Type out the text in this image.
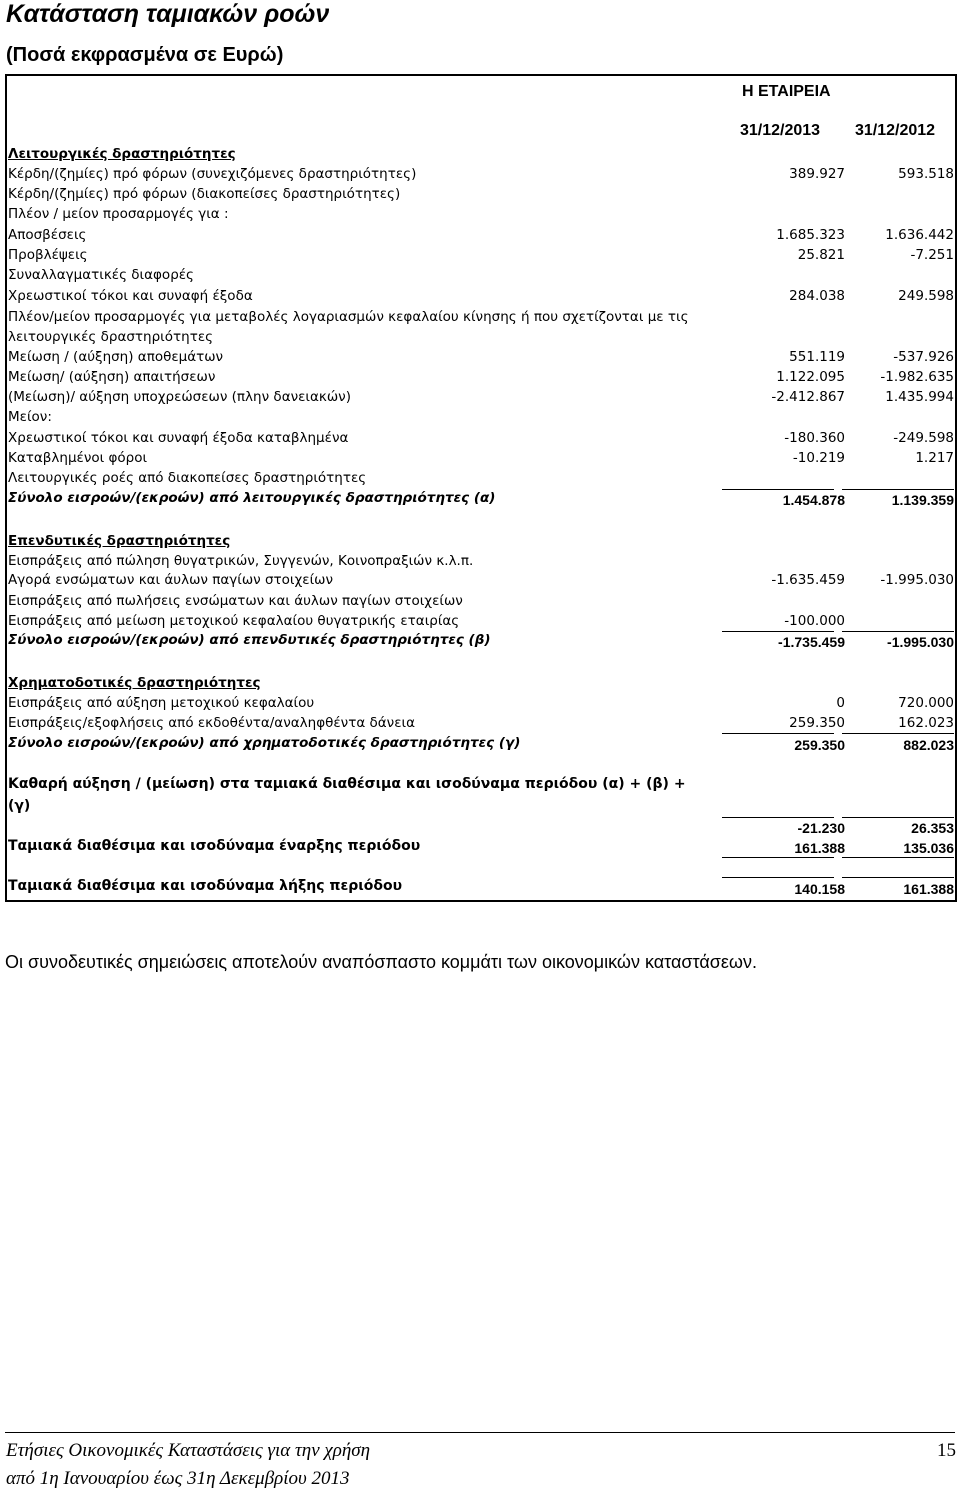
Κατάσταση ταμιακών ροών
(Ποσά εκφρασμένα σε Ευρώ)
Η ΕΤΑΙΡΕΙΑ
31/12/2013 31/12/2012
Λειτουργικές δραστηριότητες
Κέρδη/(ζημίες) πρό φόρων (συνεχιζόμενες δραστηριότητες)	389.927	593.518
Κέρδη/(ζημίες) πρό φόρων (διακοπείσες δραστηριότητες)
Πλέον / μείον προσαρμογές για :
Αποσβέσεις	1.685.323	1.636.442
Προβλέψεις	25.821	-7.251
Συναλλαγματικές διαφορές
Χρεωστικοί τόκοι και συναφή έξοδα	284.038	249.598
Πλέον/μείον προσαρμογές για μεταβολές λογαριασμών κεφαλαίου κίνησης ή που σχετίζονται με τις
λειτουργικές δραστηριότητες
Μείωση / (αύξηση) αποθεμάτων	551.119	-537.926
Μείωση/ (αύξηση) απαιτήσεων	1.122.095	-1.982.635
(Μείωση)/ αύξηση υποχρεώσεων (πλην δανειακών)	-2.412.867	1.435.994
Μείον:
Χρεωστικοί τόκοι και συναφή έξοδα καταβλημένα	-180.360	-249.598
Καταβλημένοι φόροι	-10.219	1.217
Λειτουργικές ροές από διακοπείσες δραστηριότητες
Σύνολο εισροών/(εκροών) από λειτουργικές δραστηριότητες (α)	1.454.878	1.139.359
Επενδυτικές δραστηριότητες
Εισπράξεις από πώληση θυγατρικών, Συγγενών, Κοινοπραξιών κ.λ.π.
Αγορά ενσώματων και άυλων παγίων στοιχείων	-1.635.459	-1.995.030
Εισπράξεις από πωλήσεις ενσώματων και άυλων παγίων στοιχείων
Εισπράξεις από μείωση μετοχικού κεφαλαίου θυγατρικής εταιρίας	-100.000
Σύνολο εισροών/(εκροών) από επενδυτικές δραστηριότητες (β)	-1.735.459	-1.995.030
Χρηματοδοτικές δραστηριότητες
Εισπράξεις από αύξηση μετοχικού κεφαλαίου	0	720.000
Εισπράξεις/εξοφλήσεις από εκδοθέντα/αναληφθέντα δάνεια	259.350	162.023
Σύνολο εισροών/(εκροών) από χρηματοδοτικές δραστηριότητες (γ)	259.350	882.023
Καθαρή αύξηση / (μείωση) στα ταμιακά διαθέσιμα και ισοδύναμα περιόδου (α) + (β) +
(γ)
-21.230	26.353
Ταμιακά διαθέσιμα και ισοδύναμα έναρξης περιόδου	161.388	135.036
Ταμιακά διαθέσιμα και ισοδύναμα λήξης περιόδου	140.158	161.388
Οι συνοδευτικές σημειώσεις αποτελούν αναπόσπαστο κομμάτι των οικονομικών καταστάσεων.
Ετήσιες Οικονομικές Καταστάσεις για την χρήση
από 1η Ιανουαρίου έως 31η Δεκεμβρίου 2013
15
